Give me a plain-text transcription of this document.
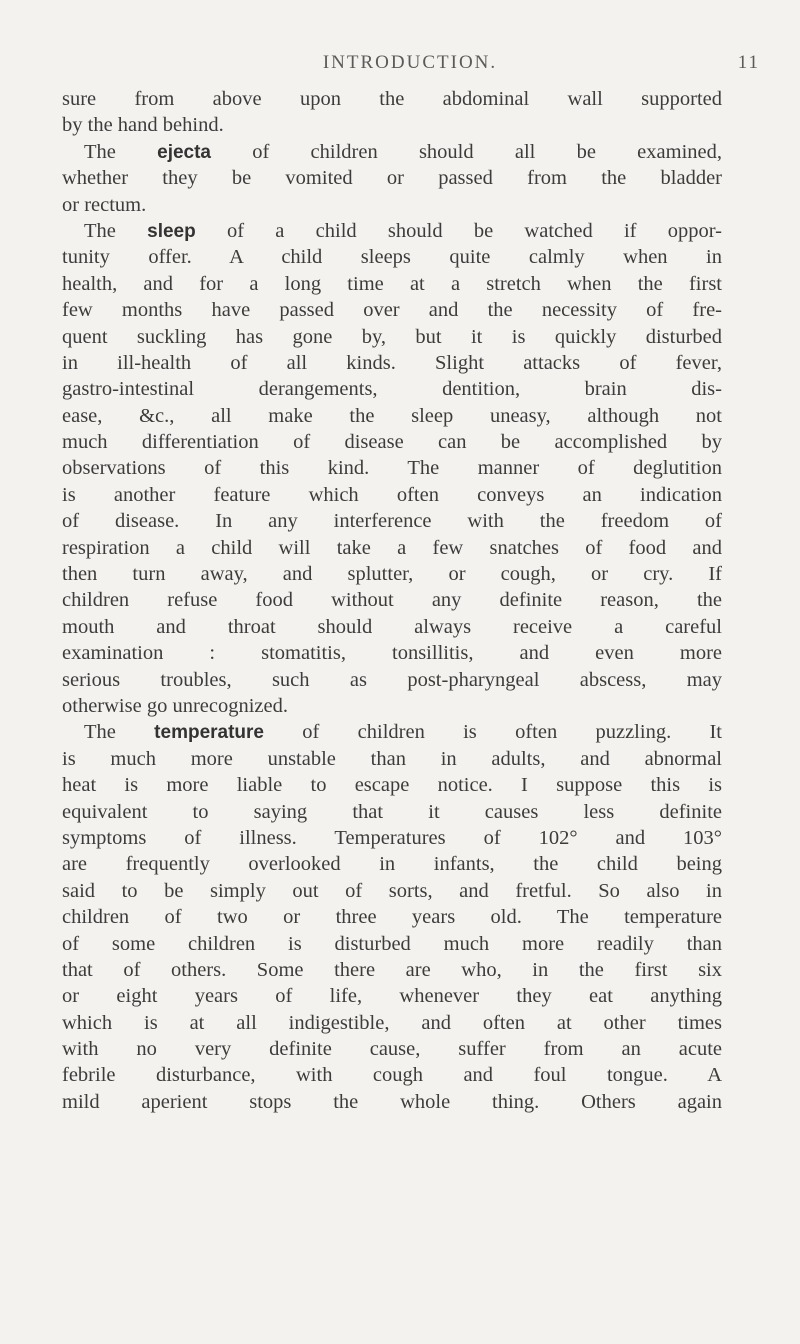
INTRODUCTION.	11
sure from above upon the abdominal wall supported
by the hand behind.
The ejecta of children should all be examined,
whether they be vomited or passed from the bladder
or rectum.
The sleep of a child should be watched if oppor-
tunity offer. A child sleeps quite calmly when in
health, and for a long time at a stretch when the first
few months have passed over and the necessity of fre-
quent suckling has gone by, but it is quickly disturbed
in ill-health of all kinds. Slight attacks of fever,
gastro-intestinal derangements, dentition, brain dis-
ease, &c., all make the sleep uneasy, although not
much differentiation of disease can be accomplished by
observations of this kind. The manner of deglutition
is another feature which often conveys an indication
of disease. In any interference with the freedom of
respiration a child will take a few snatches of food and
then turn away, and splutter, or cough, or cry. If
children refuse food without any definite reason, the
mouth and throat should always receive a careful
examination : stomatitis, tonsillitis, and even more
serious troubles, such as post-pharyngeal abscess, may
otherwise go unrecognized.
The temperature of children is often puzzling. It
is much more unstable than in adults, and abnormal
heat is more liable to escape notice. I suppose this is
equivalent to saying that it causes less definite
symptoms of illness. Temperatures of 102° and 103°
are frequently overlooked in infants, the child being
said to be simply out of sorts, and fretful. So also in
children of two or three years old. The temperature
of some children is disturbed much more readily than
that of others. Some there are who, in the first six
or eight years of life, whenever they eat anything
which is at all indigestible, and often at other times
with no very definite cause, suffer from an acute
febrile disturbance, with cough and foul tongue. A
mild aperient stops the whole thing. Others again
